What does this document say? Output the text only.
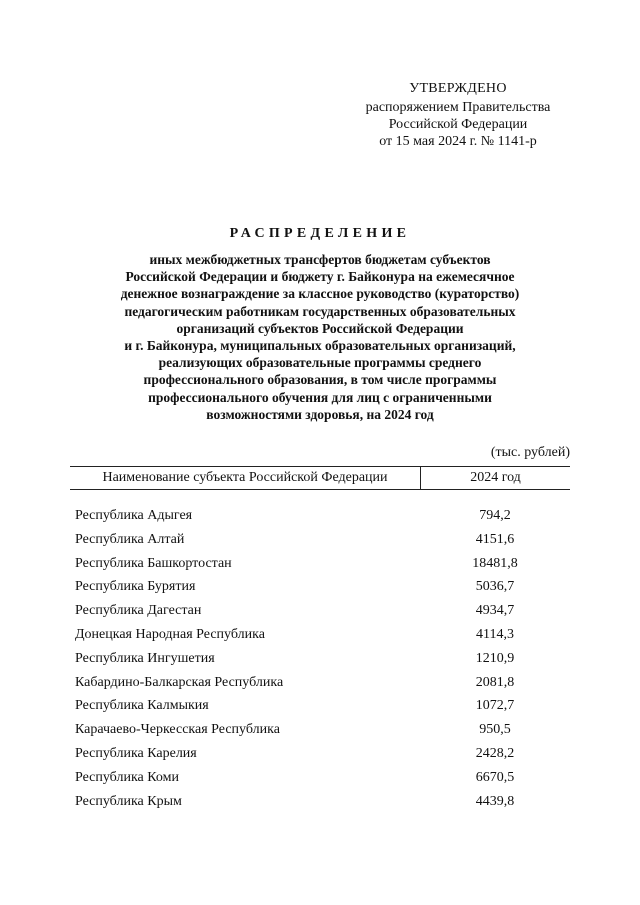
УТВЕРЖДЕНО
распоряжением Правительства
Российской Федерации
от 15 мая 2024 г. № 1141-р
РАСПРЕДЕЛЕНИЕ
иных межбюджетных трансфертов бюджетам субъектов
Российской Федерации и бюджету г. Байконура на ежемесячное
денежное вознаграждение за классное руководство (кураторство)
педагогическим работникам государственных образовательных
организаций субъектов Российской Федерации
и г. Байконура, муниципальных образовательных организаций,
реализующих образовательные программы среднего
профессионального образования, в том числе программы
профессионального обучения для лиц с ограниченными
возможностями здоровья, на 2024 год
(тыс. рублей)
Наименование субъекта Российской Федерации	2024 год
Республика Адыгея	794,2
Республика Алтай	4151,6
Республика Башкортостан	18481,8
Республика Бурятия	5036,7
Республика Дагестан	4934,7
Донецкая Народная Республика	4114,3
Республика Ингушетия	1210,9
Кабардино-Балкарская Республика	2081,8
Республика Калмыкия	1072,7
Карачаево-Черкесская Республика	950,5
Республика Карелия	2428,2
Республика Коми	6670,5
Республика Крым	4439,8
